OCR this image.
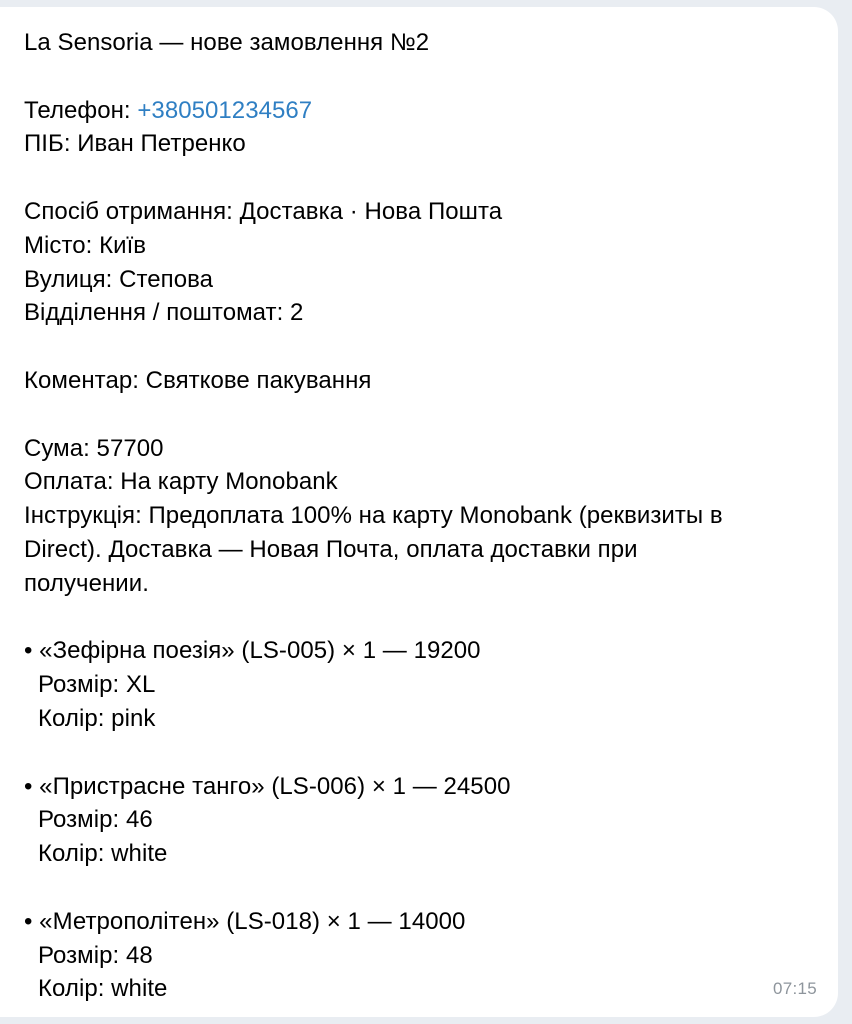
La Sensoria — нове замовлення №2
Телефон: +380501234567
ПІБ: Иван Петренко
Спосіб отримання: Доставка · Нова Пошта
Місто: Київ
Вулиця: Степова
Відділення / поштомат: 2
Коментар: Святкове пакування
Сума: 57700
Оплата: На карту Monobank
Інструкція: Предоплата 100% на карту Monobank (реквизиты в
Direct). Доставка — Новая Почта, оплата доставки при
получении.
• «Зефірна поезія» (LS-005) × 1 — 19200
Розмір: XL
Колір: pink
• «Пристрасне танго» (LS-006) × 1 — 24500
Розмір: 46
Колір: white
• «Метрополітен» (LS-018) × 1 — 14000
Розмір: 48
Колір: white	07:15
